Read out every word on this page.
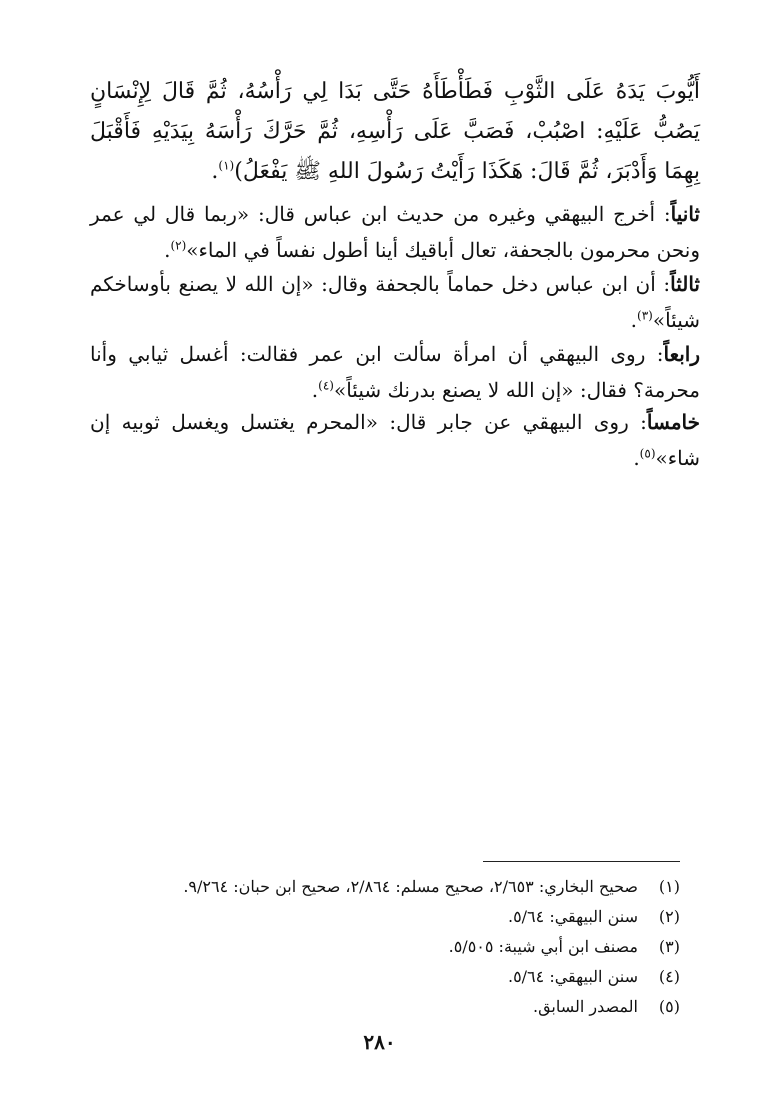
أَيُّوبَ يَدَهُ عَلَى الثَّوْبِ فَطَأْطَأَهُ حَتَّى بَدَا لِي رَأْسُهُ، ثُمَّ قَالَ لِإِنْسَانٍ يَصُبُّ عَلَيْهِ: اصْبُبْ، فَصَبَّ عَلَى رَأْسِهِ، ثُمَّ حَرَّكَ رَأْسَهُ بِيَدَيْهِ فَأَقْبَلَ بِهِمَا وَأَدْبَرَ، ثُمَّ قَالَ: هَكَذَا رَأَيْتُ رَسُولَ اللهِ ﷺ يَفْعَلُ)$^{(١)}$.
ثانياً: أخرج البيهقي وغيره من حديث ابن عباس قال: «ربما قال لي عمر ونحن محرمون بالجحفة، تعال أباقيك أينا أطول نفساً في الماء»$^{(٢)}$.
ثالثاً: أن ابن عباس دخل حماماً بالجحفة وقال: «إن الله لا يصنع بأوساخكم شيئاً»$^{(٣)}$.
رابعاً: روى البيهقي أن امرأة سألت ابن عمر فقالت: أغسل ثيابي وأنا محرمة؟ فقال: «إن الله لا يصنع بدرنك شيئاً»$^{(٤)}$.
خامساً: روى البيهقي عن جابر قال: «المحرم يغتسل ويغسل ثوبيه إن شاء»$^{(٥)}$.
(١)
صحيح البخاري: ٢/٦٥٣، صحيح مسلم: ٢/٨٦٤، صحيح ابن حبان: ٩/٢٦٤.
(٢)
سنن البيهقي: ٥/٦٤.
(٣)
مصنف ابن أبي شيبة: ٥/٥٠٥.
(٤)
سنن البيهقي: ٥/٦٤.
(٥)
المصدر السابق.
٢٨٠
